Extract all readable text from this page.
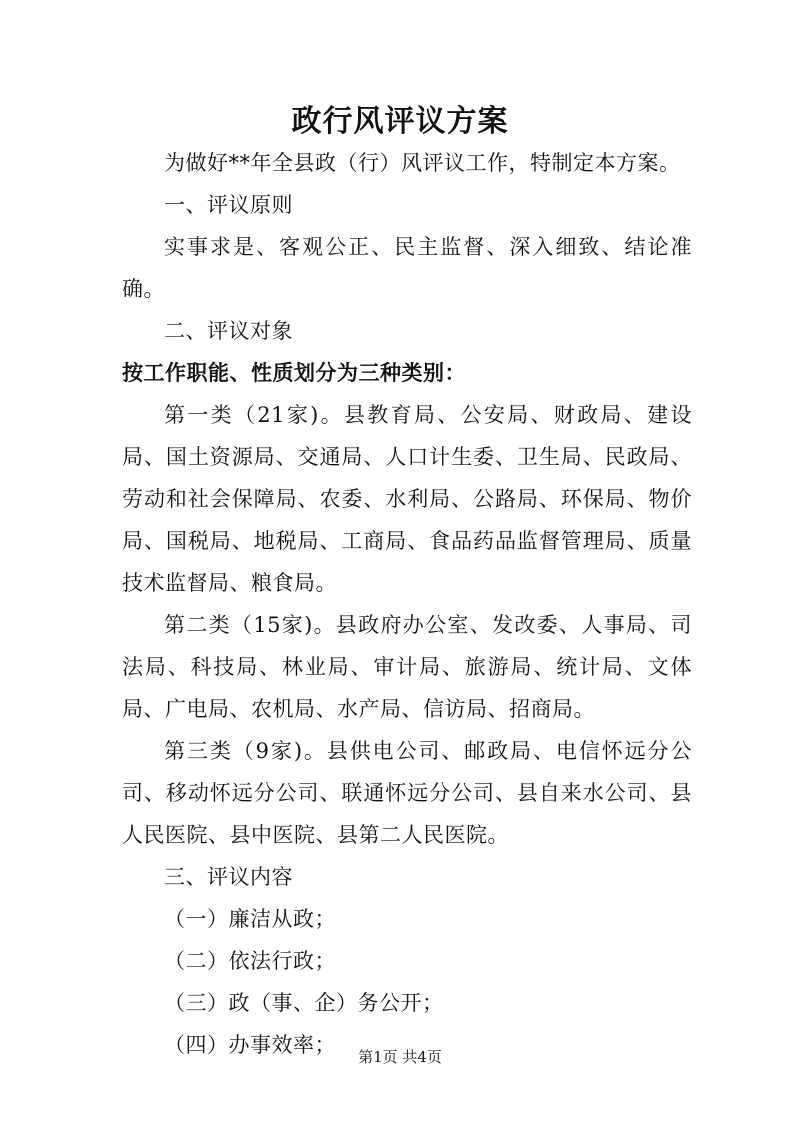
政行风评议方案

为做好**年全县政（行）风评议工作，特制定本方案。

一、评议原则

实事求是、客观公正、民主监督、深入细致、结论准确。

二、评议对象

按工作职能、性质划分为三种类别：

第一类（21家)。县教育局、公安局、财政局、建设局、国土资源局、交通局、人口计生委、卫生局、民政局、劳动和社会保障局、农委、水利局、公路局、环保局、物价局、国税局、地税局、工商局、食品药品监督管理局、质量技术监督局、粮食局。

第二类（15家)。县政府办公室、发改委、人事局、司法局、科技局、林业局、审计局、旅游局、统计局、文体局、广电局、农机局、水产局、信访局、招商局。

第三类（9家)。县供电公司、邮政局、电信怀远分公司、移动怀远分公司、联通怀远分公司、县自来水公司、县人民医院、县中医院、县第二人民医院。

三、评议内容

（一）廉洁从政；

（二）依法行政；

（三）政（事、企）务公开；

（四）办事效率；	第1页 共4页
